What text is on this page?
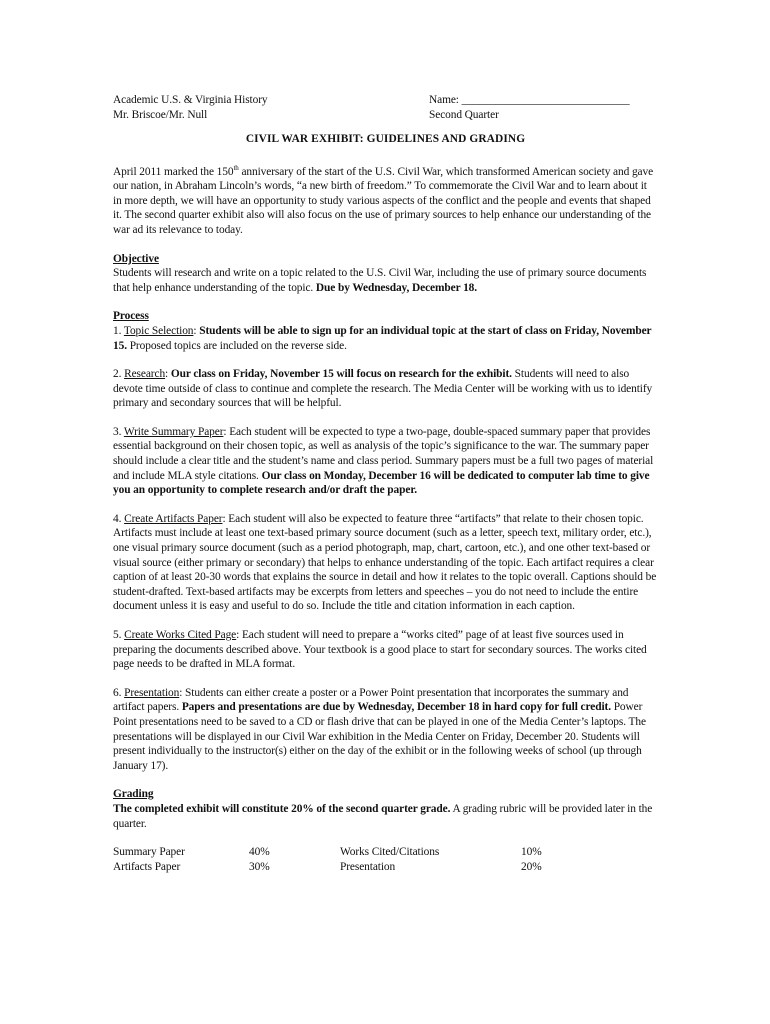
Academic U.S. & Virginia History
Mr. Briscoe/Mr. Null
Name: ______________________________
Second Quarter
CIVIL WAR EXHIBIT: GUIDELINES AND GRADING

April 2011 marked the 150th anniversary of the start of the U.S. Civil War, which transformed American society and gave our nation, in Abraham Lincoln’s words, “a new birth of freedom.” To commemorate the Civil War and to learn about it in more depth, we will have an opportunity to study various aspects of the conflict and the people and events that shaped it. The second quarter exhibit also will also focus on the use of primary sources to help enhance our understanding of the war ad its relevance to today.

Objective

Students will research and write on a topic related to the U.S. Civil War, including the use of primary source documents that help enhance understanding of the topic. Due by Wednesday, December 18.

Process

1. Topic Selection: Students will be able to sign up for an individual topic at the start of class on Friday, November 15. Proposed topics are included on the reverse side.

2. Research: Our class on Friday, November 15 will focus on research for the exhibit. Students will need to also devote time outside of class to continue and complete the research. The Media Center will be working with us to identify primary and secondary sources that will be helpful.

3. Write Summary Paper: Each student will be expected to type a two-page, double-spaced summary paper that provides essential background on their chosen topic, as well as analysis of the topic’s significance to the war. The summary paper should include a clear title and the student’s name and class period. Summary papers must be a full two pages of material and include MLA style citations. Our class on Monday, December 16 will be dedicated to computer lab time to give you an opportunity to complete research and/or draft the paper.

4. Create Artifacts Paper: Each student will also be expected to feature three “artifacts” that relate to their chosen topic. Artifacts must include at least one text-based primary source document (such as a letter, speech text, military order, etc.), one visual primary source document (such as a period photograph, map, chart, cartoon, etc.), and one other text-based or visual source (either primary or secondary) that helps to enhance understanding of the topic. Each artifact requires a clear caption of at least 20-30 words that explains the source in detail and how it relates to the topic overall. Captions should be student-drafted. Text-based artifacts may be excerpts from letters and speeches – you do not need to include the entire document unless it is easy and useful to do so. Include the title and citation information in each caption.

5. Create Works Cited Page: Each student will need to prepare a “works cited” page of at least five sources used in preparing the documents described above. Your textbook is a good place to start for secondary sources. The works cited page needs to be drafted in MLA format.

6. Presentation: Students can either create a poster or a Power Point presentation that incorporates the summary and artifact papers. Papers and presentations are due by Wednesday, December 18 in hard copy for full credit. Power Point presentations need to be saved to a CD or flash drive that can be played in one of the Media Center’s laptops. The presentations will be displayed in our Civil War exhibition in the Media Center on Friday, December 20. Students will present individually to the instructor(s) either on the day of the exhibit or in the following weeks of school (up through January 17).

Grading

The completed exhibit will constitute 20% of the second quarter grade. A grading rubric will be provided later in the quarter.

Summary Paper	40%	Works Cited/Citations	10%
Artifacts Paper	30%	Presentation	20%
